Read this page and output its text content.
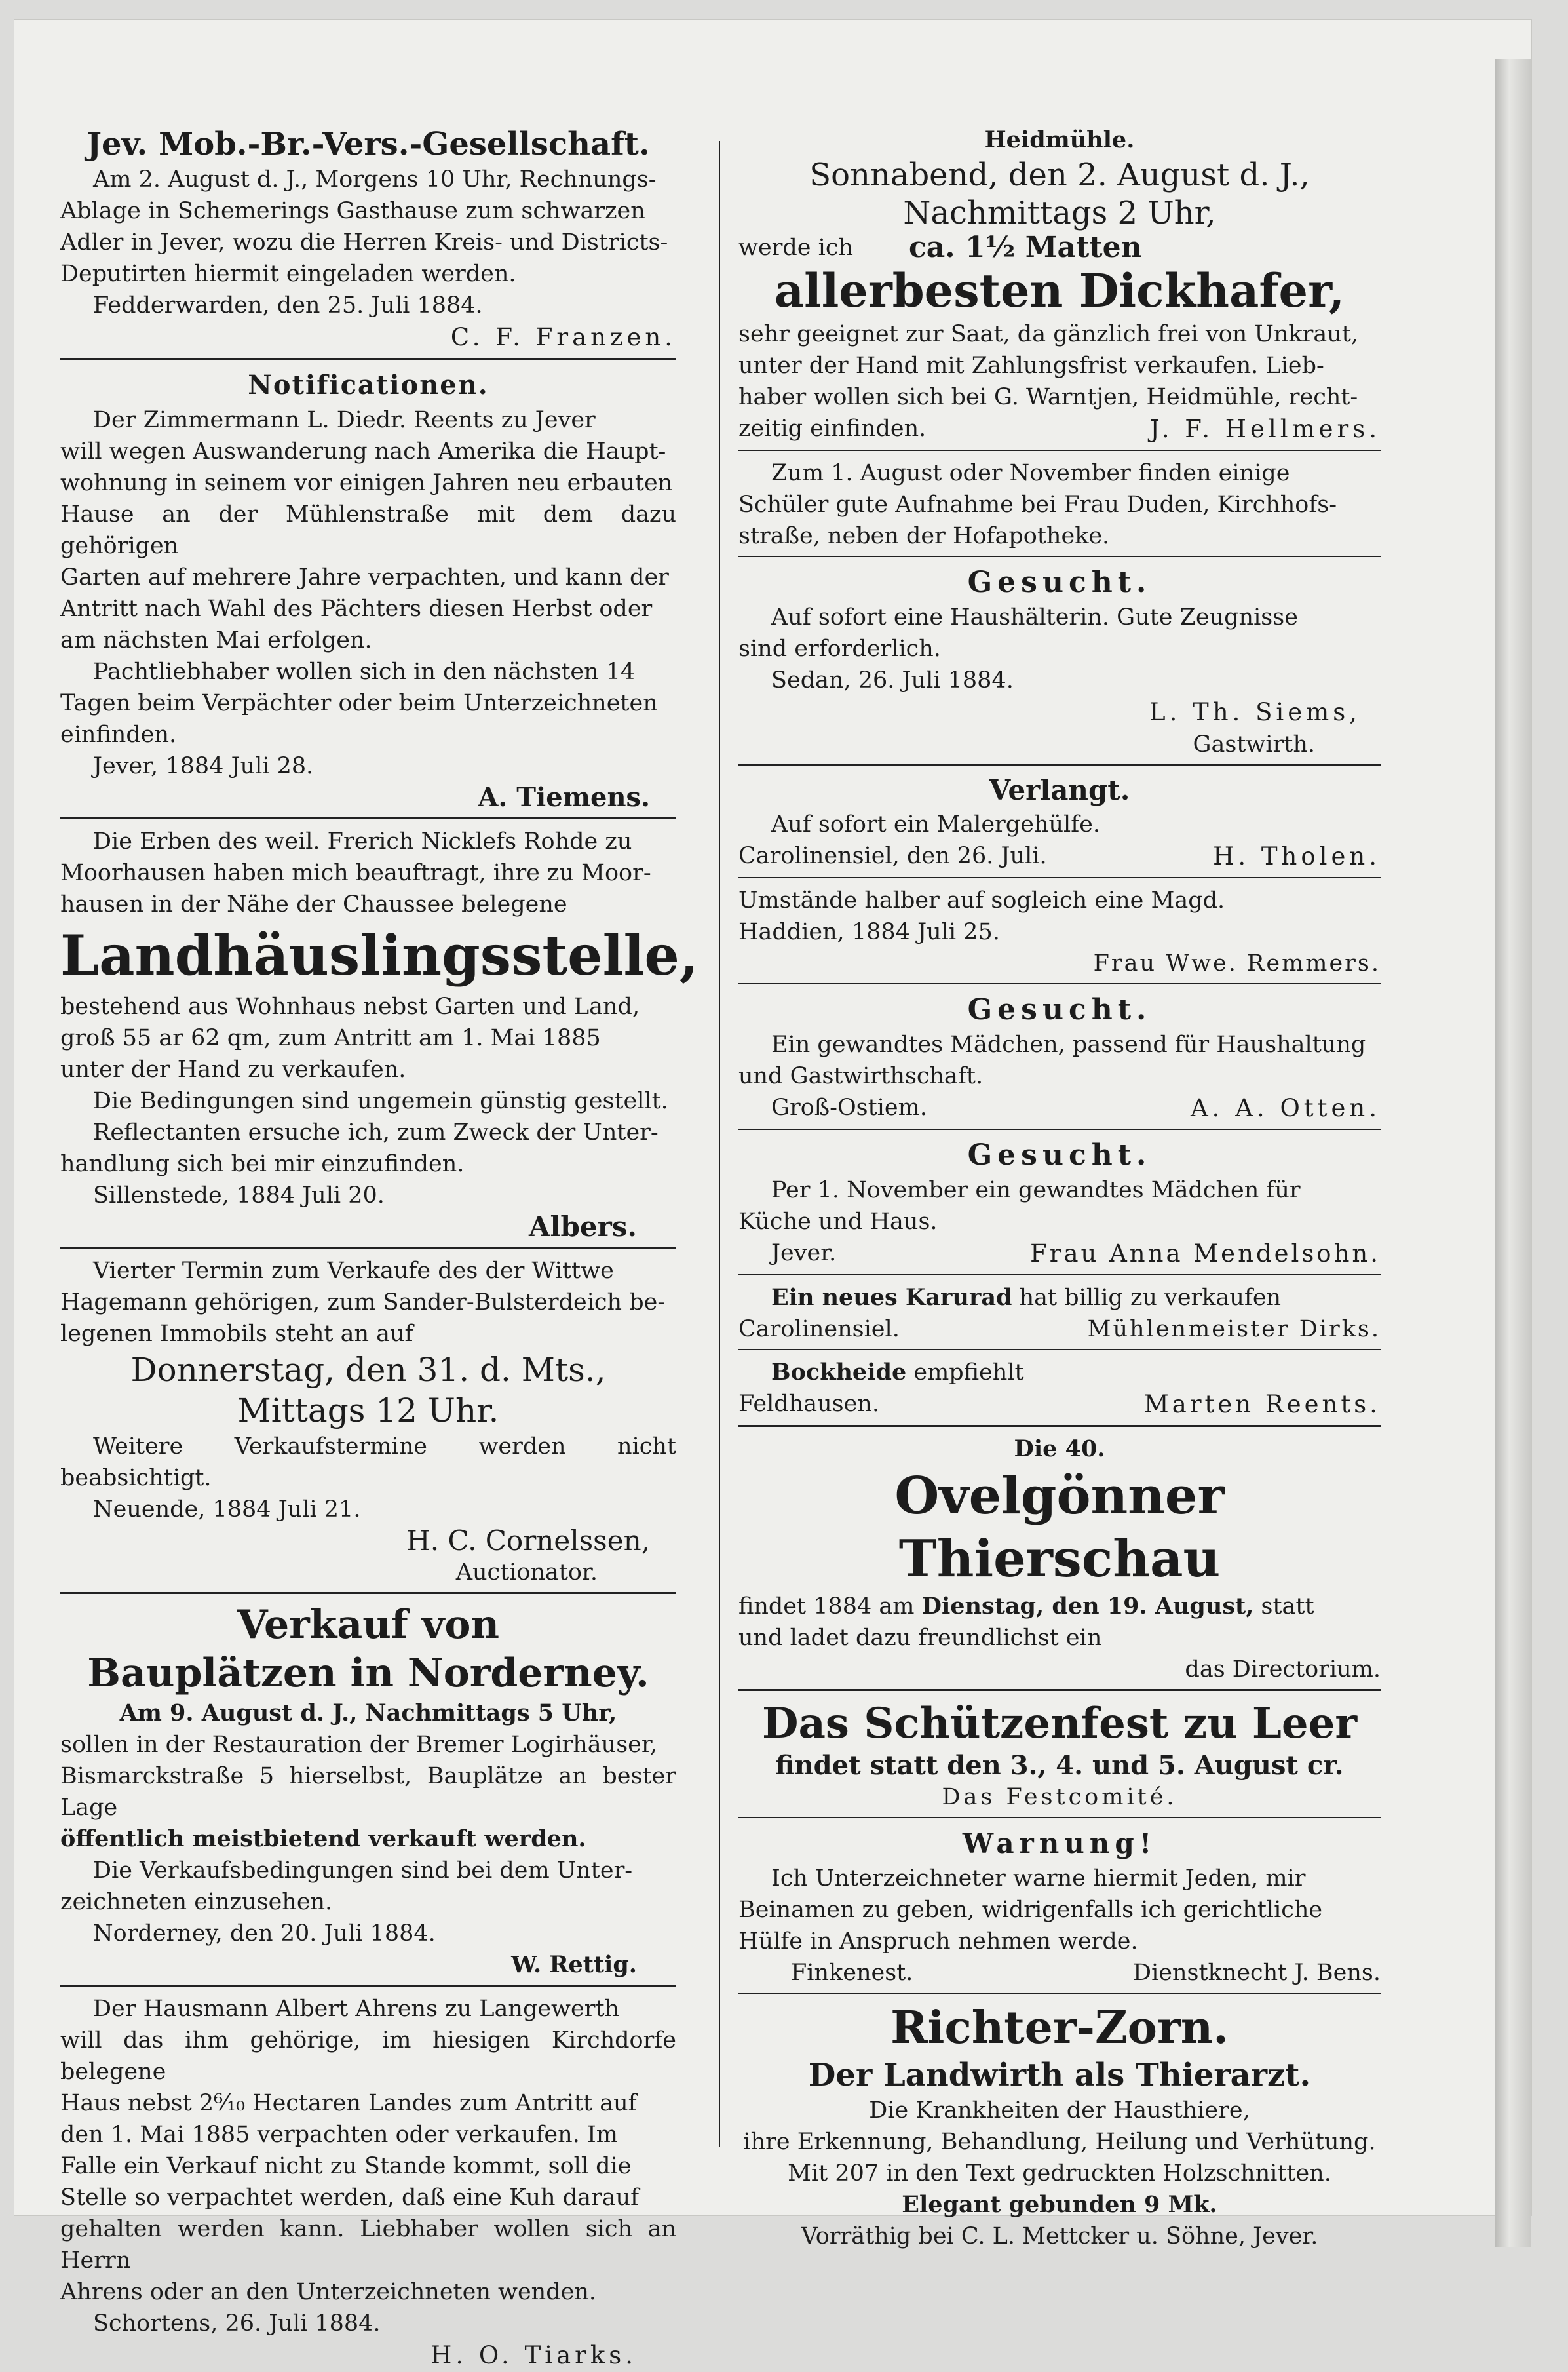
Jev. Mob.-Br.-Vers.-Gesellschaft.

Am 2. August d. J., Morgens 10 Uhr, Rechnungs-

Ablage in Schemerings Gasthause zum schwarzen

Adler in Jever, wozu die Herren Kreis- und Districts-

Deputirten hiermit eingeladen werden.

Fedderwarden, den 25. Juli 1884.

C. F. Franzen.

Notificationen.

Der Zimmermann L. Diedr. Reents zu Jever

will wegen Auswanderung nach Amerika die Haupt-

wohnung in seinem vor einigen Jahren neu erbauten

Hause an der Mühlenstraße mit dem dazu gehörigen

Garten auf mehrere Jahre verpachten, und kann der

Antritt nach Wahl des Pächters diesen Herbst oder

am nächsten Mai erfolgen.

Pachtliebhaber wollen sich in den nächsten 14

Tagen beim Verpächter oder beim Unterzeichneten

einfinden.

Jever, 1884 Juli 28.

A. Tiemens.

Die Erben des weil. Frerich Nicklefs Rohde zu

Moorhausen haben mich beauftragt, ihre zu Moor-

hausen in der Nähe der Chaussee belegene

Landhäuslingsstelle,

bestehend aus Wohnhaus nebst Garten und Land,

groß 55 ar 62 qm, zum Antritt am 1. Mai 1885

unter der Hand zu verkaufen.

Die Bedingungen sind ungemein günstig gestellt.

Reflectanten ersuche ich, zum Zweck der Unter-

handlung sich bei mir einzufinden.

Sillenstede, 1884 Juli 20.

Albers.

Vierter Termin zum Verkaufe des der Wittwe

Hagemann gehörigen, zum Sander-Bulsterdeich be-

legenen Immobils steht an auf

Donnerstag, den 31. d. Mts.,

Mittags 12 Uhr.

Weitere Verkaufstermine werden nicht beabsichtigt.

Neuende, 1884 Juli 21.

H. C. Cornelssen,

Auctionator.

Verkauf von

Bauplätzen in Norderney.

Am 9. August d. J., Nachmittags 5 Uhr,

sollen in der Restauration der Bremer Logirhäuser,

Bismarckstraße 5 hierselbst, Bauplätze an bester Lage

öffentlich meistbietend verkauft werden.

Die Verkaufsbedingungen sind bei dem Unter-

zeichneten einzusehen.

Norderney, den 20. Juli 1884.

W. Rettig.

Der Hausmann Albert Ahrens zu Langewerth

will das ihm gehörige, im hiesigen Kirchdorfe belegene

Haus nebst 2⁶⁄₁₀ Hectaren Landes zum Antritt auf

den 1. Mai 1885 verpachten oder verkaufen. Im

Falle ein Verkauf nicht zu Stande kommt, soll die

Stelle so verpachtet werden, daß eine Kuh darauf

gehalten werden kann. Liebhaber wollen sich an Herrn

Ahrens oder an den Unterzeichneten wenden.

Schortens, 26. Juli 1884.

H. O. Tiarks.

Heidmühle.

Sonnabend, den 2. August d. J.,

Nachmittags 2 Uhr,

werde ich	ca. 1½ Matten

allerbesten Dickhafer,

sehr geeignet zur Saat, da gänzlich frei von Unkraut,

unter der Hand mit Zahlungsfrist verkaufen. Lieb-

haber wollen sich bei G. Warntjen, Heidmühle, recht-

zeitig einfinden.	J. F. Hellmers.

Zum 1. August oder November finden einige

Schüler gute Aufnahme bei Frau Duden, Kirchhofs-

straße, neben der Hofapotheke.

Gesucht.

Auf sofort eine Haushälterin. Gute Zeugnisse

sind erforderlich.

Sedan, 26. Juli 1884.

L. Th. Siems,

Gastwirth.

Verlangt.

Auf sofort ein Malergehülfe.

Carolinensiel, den 26. Juli.	H. Tholen.

Umstände halber auf sogleich eine Magd.

Haddien, 1884 Juli 25.

Frau Wwe. Remmers.

Gesucht.

Ein gewandtes Mädchen, passend für Haushaltung

und Gastwirthschaft.

Groß-Ostiem.	A. A. Otten.

Gesucht.

Per 1. November ein gewandtes Mädchen für

Küche und Haus.

Jever.	Frau Anna Mendelsohn.

Ein neues Karurad hat billig zu verkaufen

Carolinensiel.	Mühlenmeister Dirks.

Bockheide empfiehlt

Feldhausen.	Marten Reents.

Die 40.

Ovelgönner Thierschau

findet 1884 am Dienstag, den 19. August, statt

und ladet dazu freundlichst ein

das Directorium.

Das Schützenfest zu Leer

findet statt den 3., 4. und 5. August cr.

Das Festcomité.

Warnung!

Ich Unterzeichneter warne hiermit Jeden, mir

Beinamen zu geben, widrigenfalls ich gerichtliche

Hülfe in Anspruch nehmen werde.

Finkenest.	Dienstknecht J. Bens.

Richter-Zorn.

Der Landwirth als Thierarzt.

Die Krankheiten der Hausthiere,

ihre Erkennung, Behandlung, Heilung und Verhütung.

Mit 207 in den Text gedruckten Holzschnitten.

Elegant gebunden 9 Mk.

Vorräthig bei C. L. Mettcker u. Söhne, Jever.
